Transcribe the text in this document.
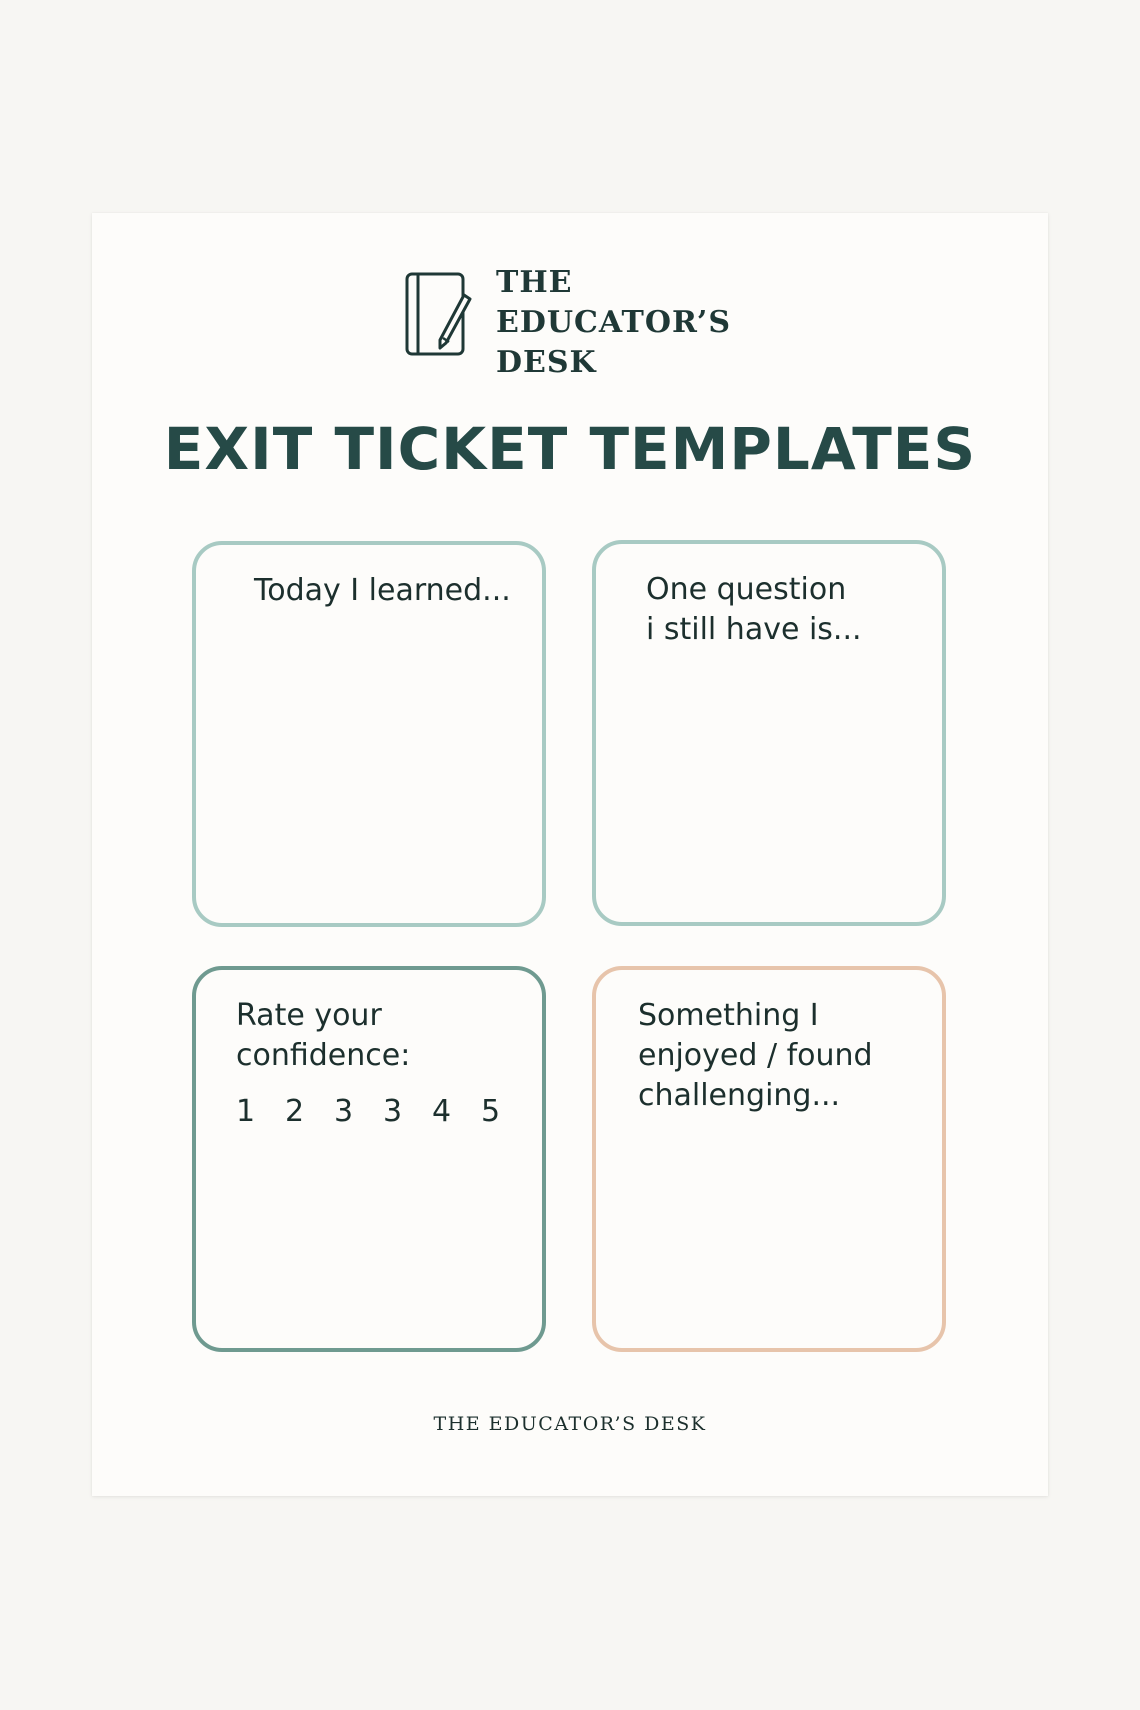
THE
EDUCATOR’S
DESK
EXIT TICKET TEMPLATES
Today I learned...	One question
i still have is...
Rate your
confidence:
1 2 3 3 4 5
Something I
enjoyed / found
challenging...
THE EDUCATOR’S DESK
